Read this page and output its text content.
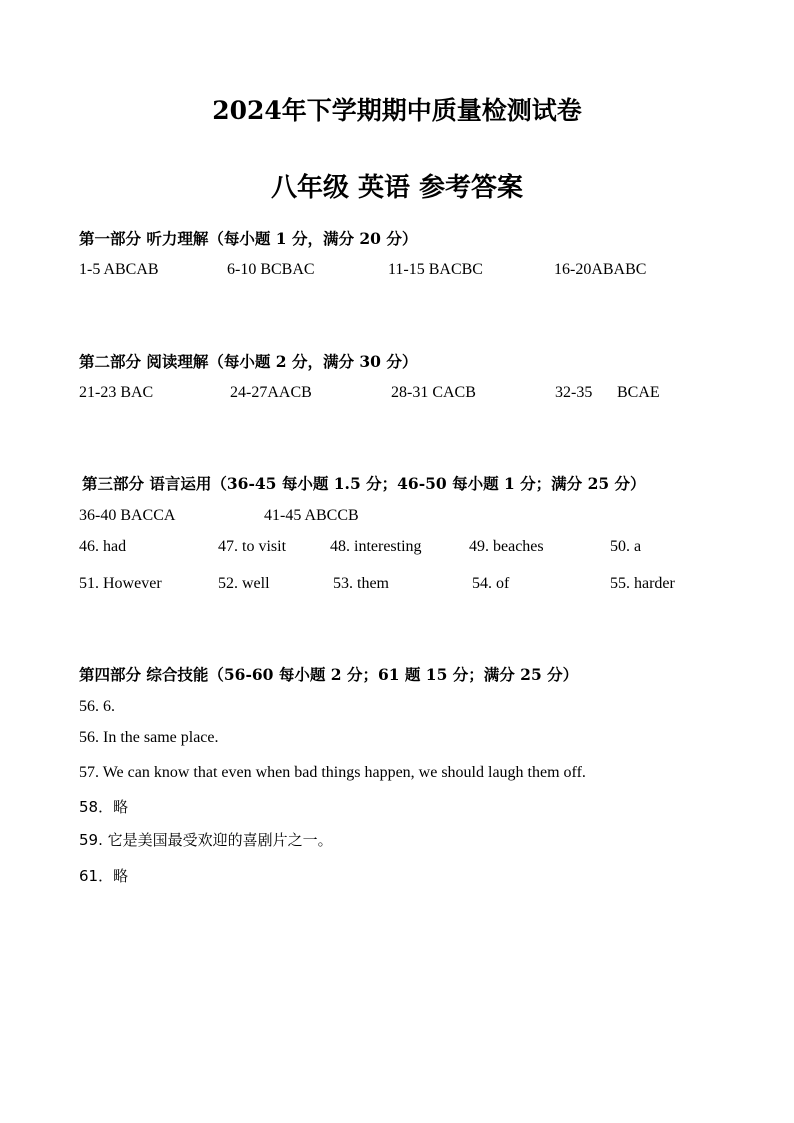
2024年下学期期中质量检测试卷
八年级 英语 参考答案
第一部分 听力理解（每小题 1 分，满分 20 分）
1-5 ABCAB	6-10 BCBAC	11-15 BACBC	16-20ABABC
第二部分 阅读理解（每小题 2 分，满分 30 分）
21-23 BAC	24-27AACB	28-31 CACB	32-35 BCAE
第三部分 语言运用（36-45 每小题 1.5 分；46-50 每小题 1 分；满分 25 分）
36-40 BACCA	41-45 ABCCB
46. had	47. to visit	48. interesting	49. beaches	50. a
51. However	52. well	53. them	54. of	55. harder
第四部分 综合技能（56-60 每小题 2 分；61 题 15 分；满分 25 分）
56. 6.
56. In the same place.
57. We can know that even when bad things happen, we should laugh them off.
58．略
59. 它是美国最受欢迎的喜剧片之一。
61．略
